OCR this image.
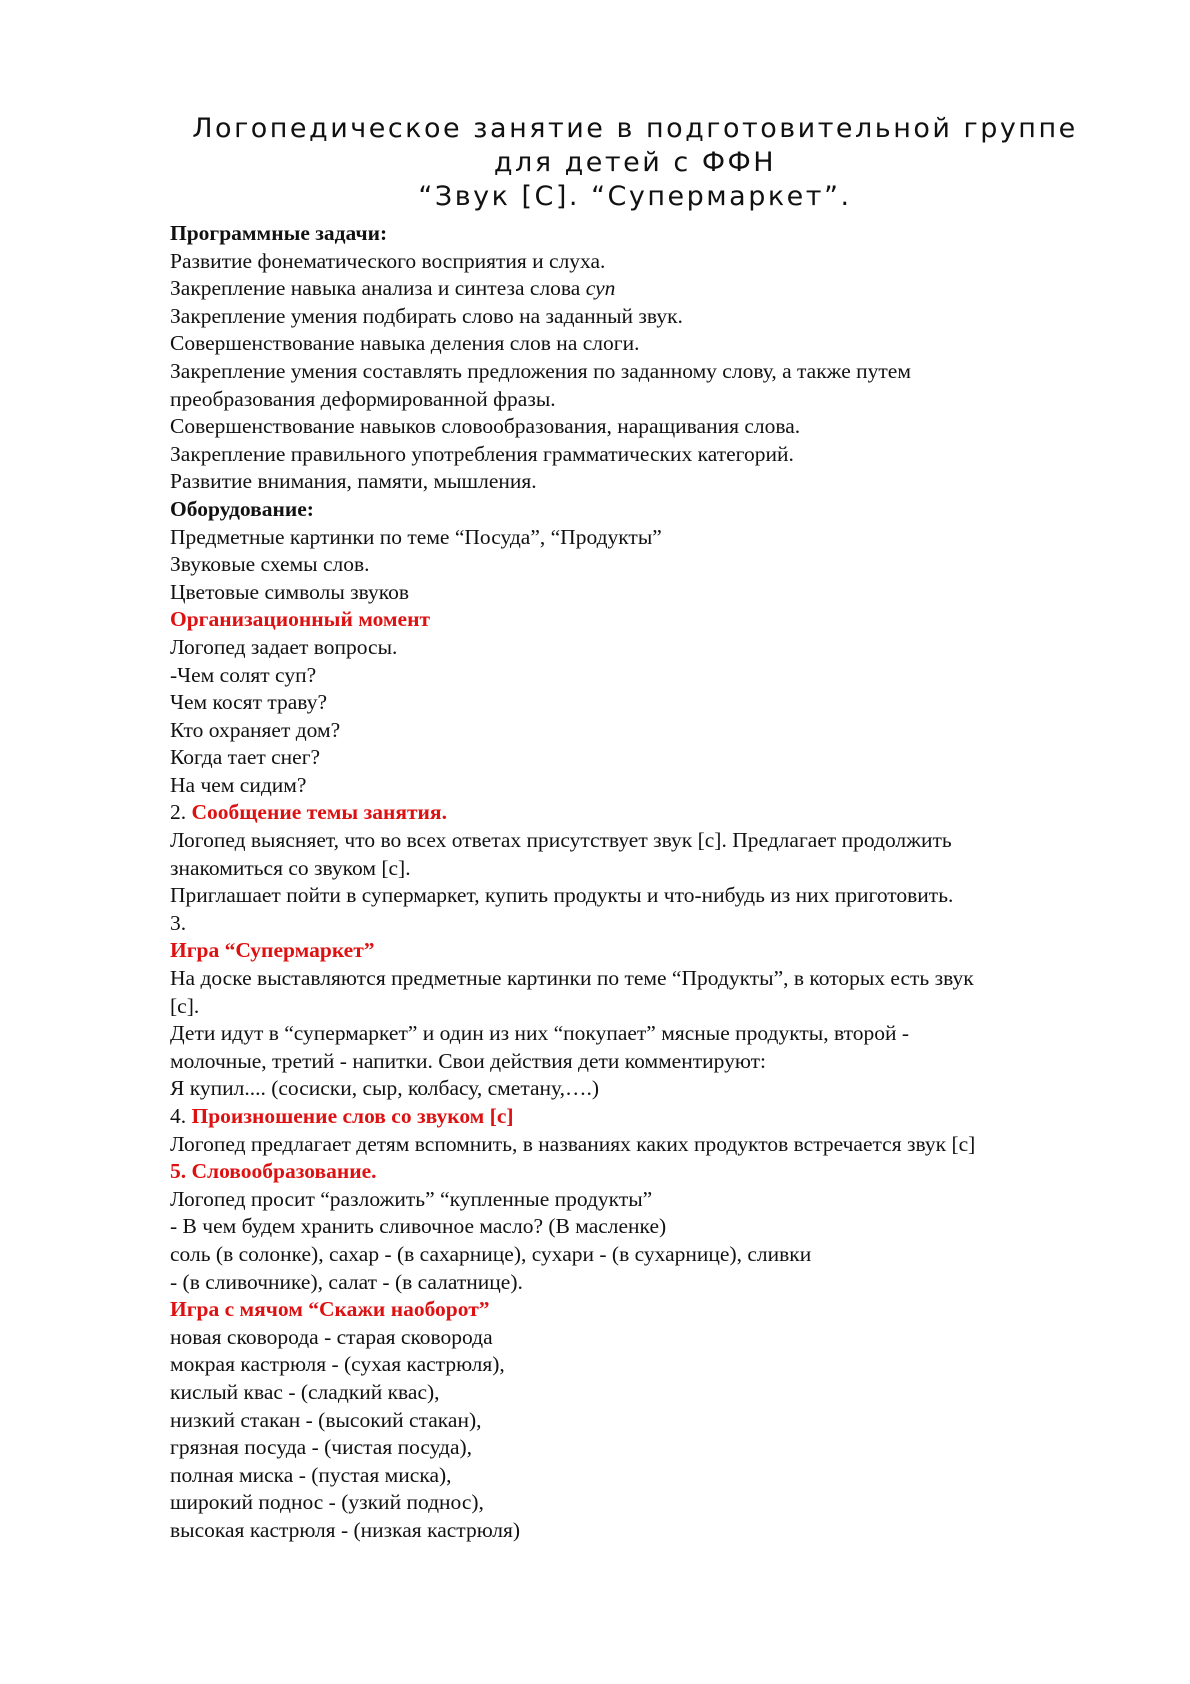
Логопедическое занятие в подготовительной группе
для детей с ФФН
“Звук [С]. “Супермаркет”.
Программные задачи:
Развитие фонематического восприятия и слуха.
Закрепление навыка анализа и синтеза слова суп
Закрепление умения подбирать слово на заданный звук.
Совершенствование навыка деления слов на слоги.
Закрепление умения составлять предложения по заданному слову, а также путем
преобразования деформированной фразы.
Совершенствование навыков словообразования, наращивания слова.
Закрепление правильного употребления грамматических категорий.
Развитие внимания, памяти, мышления.
Оборудование:
Предметные картинки по теме “Посуда”, “Продукты”
Звуковые схемы слов.
Цветовые символы звуков
Организационный момент
Логопед задает вопросы.
-Чем солят суп?
Чем косят траву?
Кто охраняет дом?
Когда тает снег?
На чем сидим?
2. Сообщение темы занятия.
Логопед выясняет, что во всех ответах присутствует звук [с]. Предлагает продолжить
знакомиться со звуком [с].
Приглашает пойти в супермаркет, купить продукты и что-нибудь из них приготовить.
3.
Игра “Супермаркет”
На доске выставляются предметные картинки по теме “Продукты”, в которых есть звук
[с].
Дети идут в “супермаркет” и один из них “покупает” мясные продукты, второй -
молочные, третий - напитки. Свои действия дети комментируют:
Я купил.... (сосиски, сыр, колбасу, сметану,….)
4. Произношение слов со звуком [с]
Логопед предлагает детям вспомнить, в названиях каких продуктов встречается звук [с]
5. Словообразование.
Логопед просит “разложить” “купленные продукты”
- В чем будем хранить сливочное масло? (В масленке)
соль (в солонке), сахар - (в сахарнице), сухари - (в сухарнице), сливки
- (в сливочнике), салат - (в салатнице).
Игра с мячом “Скажи наоборот”
новая сковорода - старая сковорода
мокрая кастрюля - (сухая кастрюля),
кислый квас - (сладкий квас),
низкий стакан - (высокий стакан),
грязная посуда - (чистая посуда),
полная миска - (пустая миска),
широкий поднос - (узкий поднос),
высокая кастрюля - (низкая кастрюля)
